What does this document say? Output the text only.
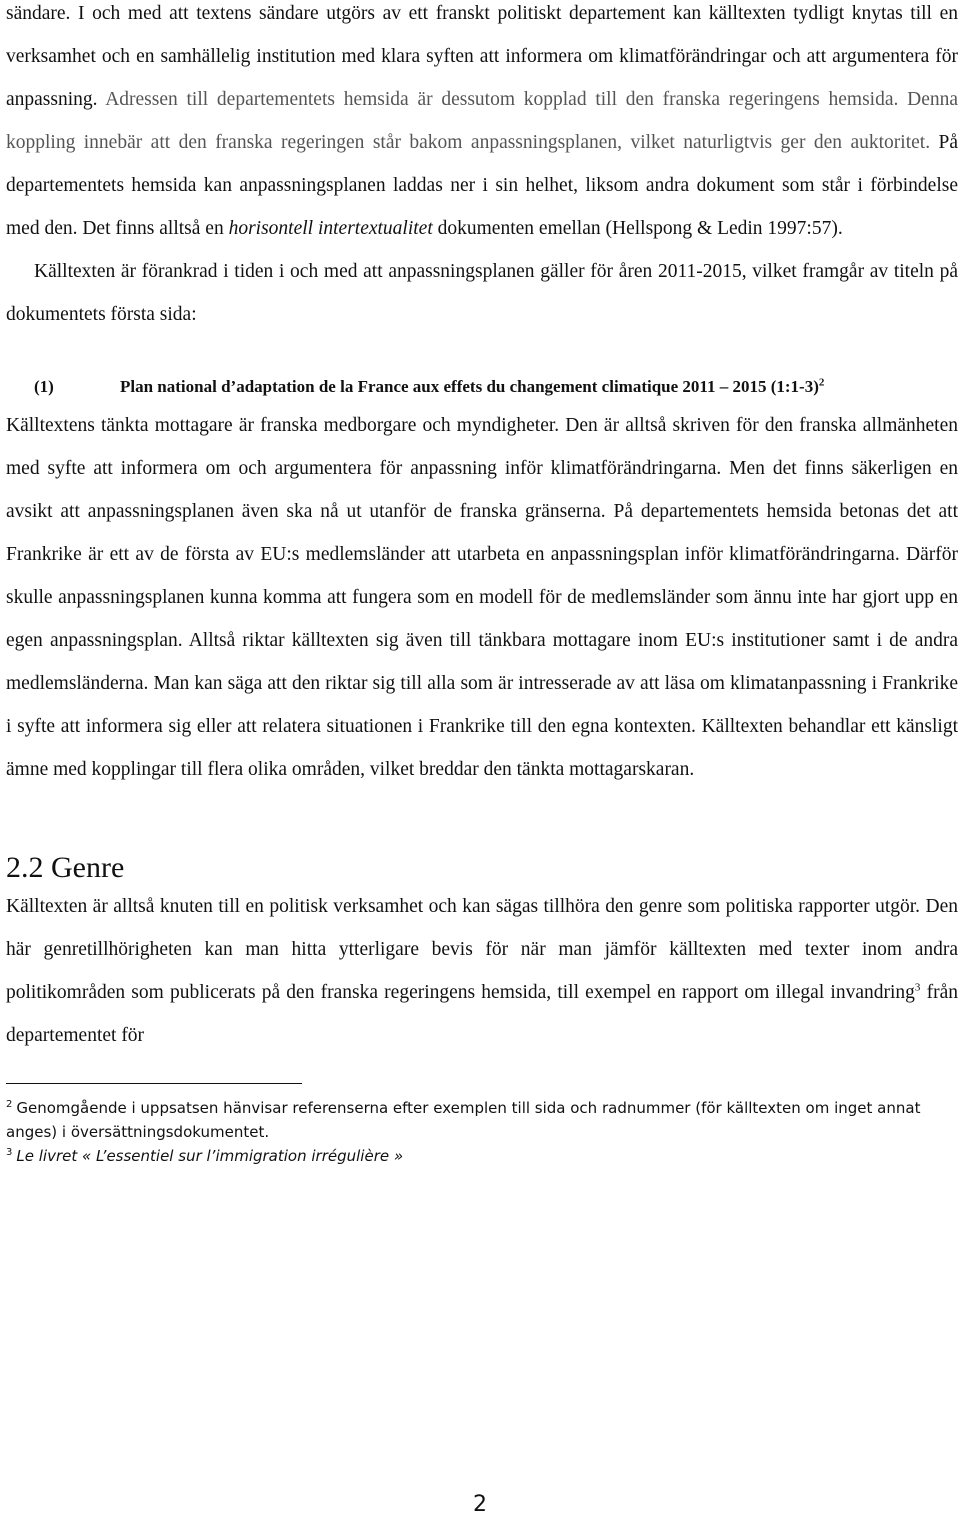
sändare. I och med att textens sändare utgörs av ett franskt politiskt departement kan källtexten tydligt knytas till en verksamhet och en samhällelig institution med klara syften att informera om klimatförändringar och att argumentera för anpassning. Adressen till departementets hemsida är dessutom kopplad till den franska regeringens hemsida. Denna koppling innebär att den franska regeringen står bakom anpassningsplanen, vilket naturligtvis ger den auktoritet. På departementets hemsida kan anpassningsplanen laddas ner i sin helhet, liksom andra dokument som står i förbindelse med den. Det finns alltså en horisontell intertextualitet dokumenten emellan (Hellspong & Ledin 1997:57).

Källtexten är förankrad i tiden i och med att anpassningsplanen gäller för åren 2011-2015, vilket framgår av titeln på dokumentets första sida:

(1)	Plan national d’adaptation de la France aux effets du changement climatique 2011 – 2015 (1:1-3)$^2$

Källtextens tänkta mottagare är franska medborgare och myndigheter. Den är alltså skriven för den franska allmänheten med syfte att informera om och argumentera för anpassning inför klimatförändringarna. Men det finns säkerligen en avsikt att anpassningsplanen även ska nå ut utanför de franska gränserna. På departementets hemsida betonas det att Frankrike är ett av de första av EU:s medlemsländer att utarbeta en anpassningsplan inför klimatförändringarna. Därför skulle anpassningsplanen kunna komma att fungera som en modell för de medlemsländer som ännu inte har gjort upp en egen anpassningsplan. Alltså riktar källtexten sig även till tänkbara mottagare inom EU:s institutioner samt i de andra medlemsländerna. Man kan säga att den riktar sig till alla som är intresserade av att läsa om klimatanpassning i Frankrike i syfte att informera sig eller att relatera situationen i Frankrike till den egna kontexten. Källtexten behandlar ett känsligt ämne med kopplingar till flera olika områden, vilket breddar den tänkta mottagarskaran.

2.2 Genre

Källtexten är alltså knuten till en politisk verksamhet och kan sägas tillhöra den genre som politiska rapporter utgör. Den här genretillhörigheten kan man hitta ytterligare bevis för när man jämför källtexten med texter inom andra politikområden som publicerats på den franska regeringens hemsida, till exempel en rapport om illegal invandring$^3$ från departementet för

$^2$ Genomgående i uppsatsen hänvisar referenserna efter exemplen till sida och radnummer (för källtexten om inget annat anges) i översättningsdokumentet.

$^3$ Le livret « L’essentiel sur l’immigration irrégulière »

2
